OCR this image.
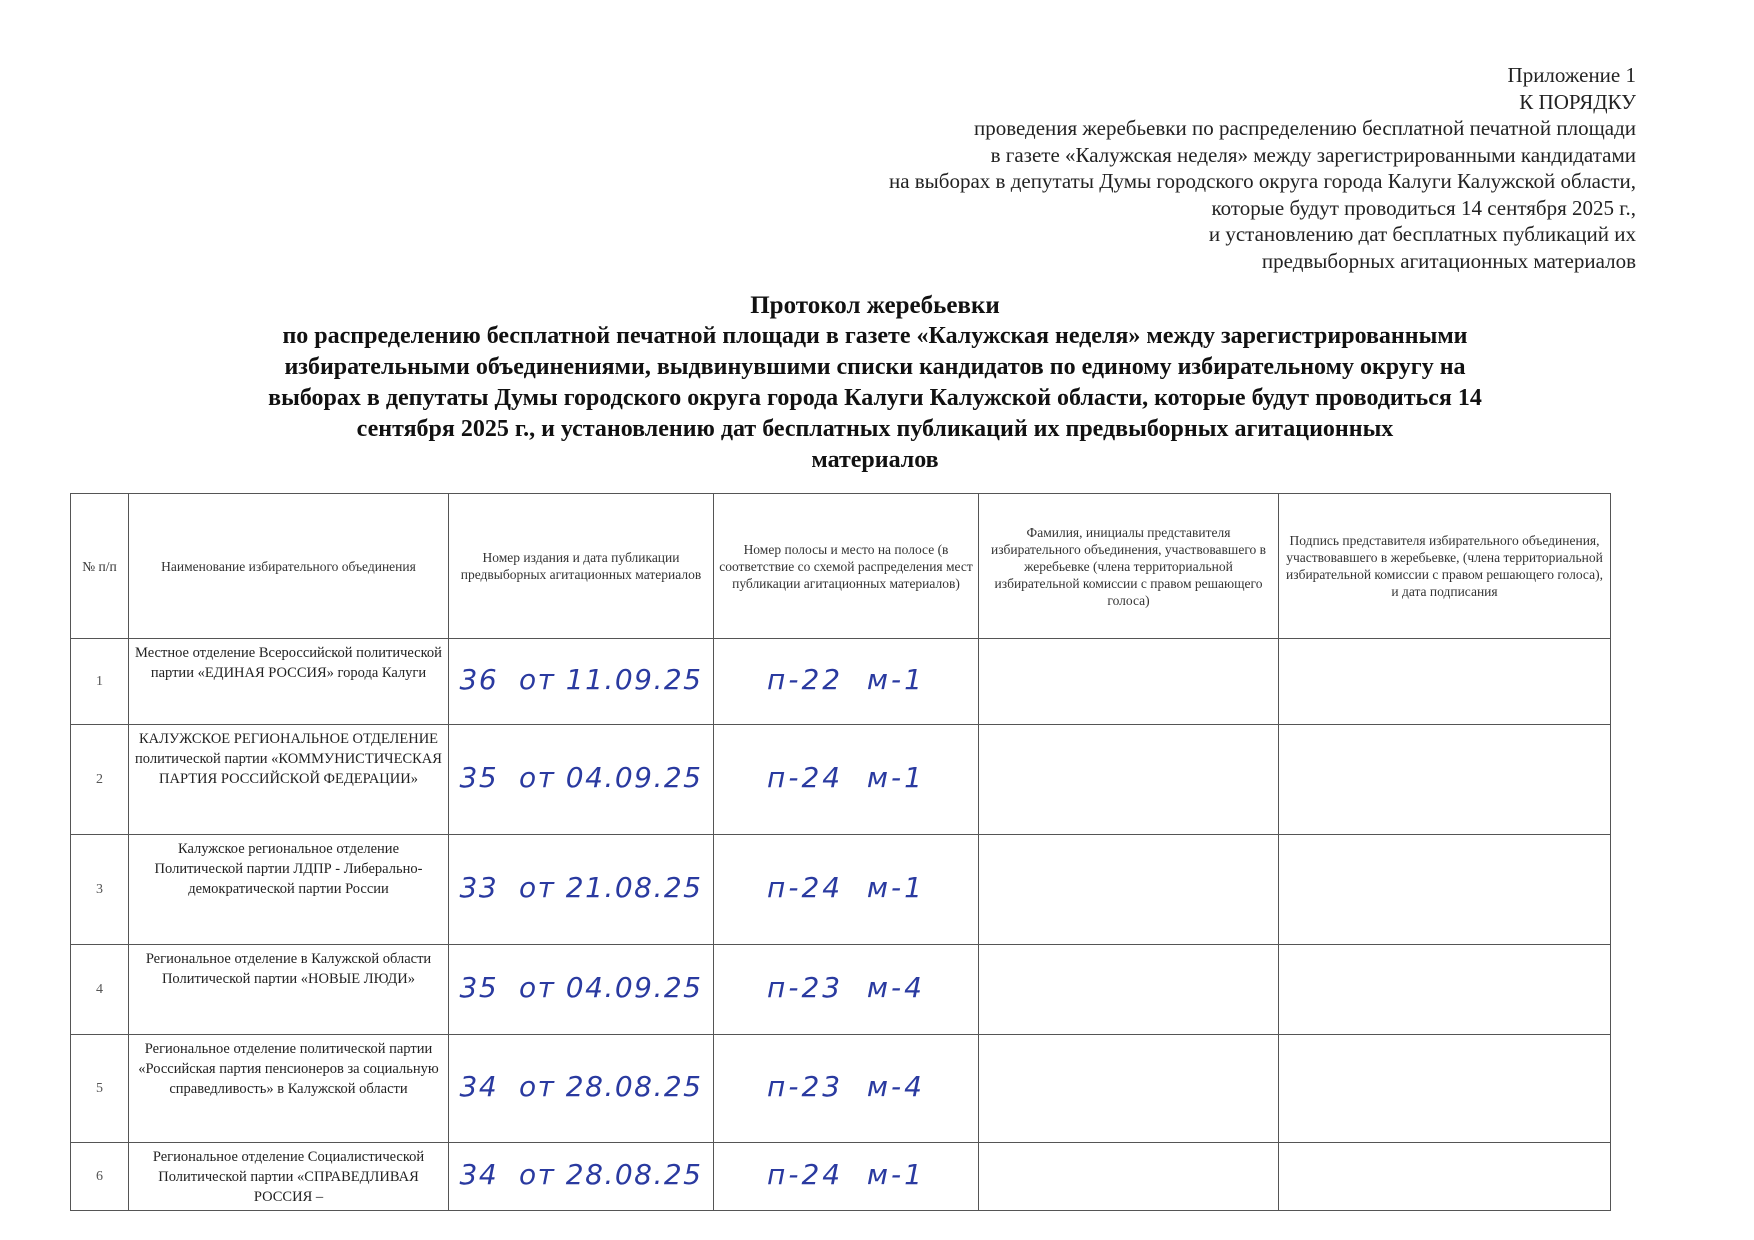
Приложение 1
К ПОРЯДКУ
проведения жеребьевки по распределению бесплатной печатной площади
в газете «Калужская неделя» между зарегистрированными кандидатами
на выборах в депутаты Думы городского округа города Калуги Калужской области,
которые будут проводиться 14 сентября 2025 г.,
и установлению дат бесплатных публикаций их
предвыборных агитационных материалов
Протокол жеребьевки
по распределению бесплатной печатной площади в газете «Калужская неделя» между зарегистрированными
избирательными объединениями, выдвинувшими списки кандидатов по единому избирательному округу на
выборах в депутаты Думы городского округа города Калуги Калужской области, которые будут проводиться 14
сентября 2025 г., и установлению дат бесплатных публикаций их предвыборных агитационных
материалов
№ п/п	Наименование избирательного объединения	Номер издания и дата публикации предвыборных агитационных материалов	Номер полосы и место на полосе (в соответствие со схемой распределения мест публикации агитационных материалов)	Фамилия, инициалы представителя избирательного объединения, участвовавшего в жеребьевке (члена территориальной избирательной комиссии с правом решающего голоса)	Подпись представителя избирательного объединения, участвовавшего в жеребьевке, (члена территориальной избирательной комиссии с правом решающего голоса), и дата подписания
1	Местное отделение Всероссийской политической партии «ЕДИНАЯ РОССИЯ» города Калуги	36  от 11.09.25	п-22  м-1		
2	КАЛУЖСКОЕ РЕГИОНАЛЬНОЕ ОТДЕЛЕНИЕ политической партии «КОММУНИСТИЧЕСКАЯ ПАРТИЯ РОССИЙСКОЙ ФЕДЕРАЦИИ»	35  от 04.09.25	п-24  м-1		
3	Калужское региональное отделение Политической партии ЛДПР - Либерально-демократической партии России	33  от 21.08.25	п-24  м-1		
4	Региональное отделение в Калужской области Политической партии «НОВЫЕ ЛЮДИ»	35  от 04.09.25	п-23  м-4		
5	Региональное отделение политической партии «Российская партия пенсионеров за социальную справедливость» в Калужской области	34  от 28.08.25	п-23  м-4		
6	Региональное отделение Социалистической Политической партии «СПРАВЕДЛИВАЯ РОССИЯ –	34  от 28.08.25	п-24  м-1		
